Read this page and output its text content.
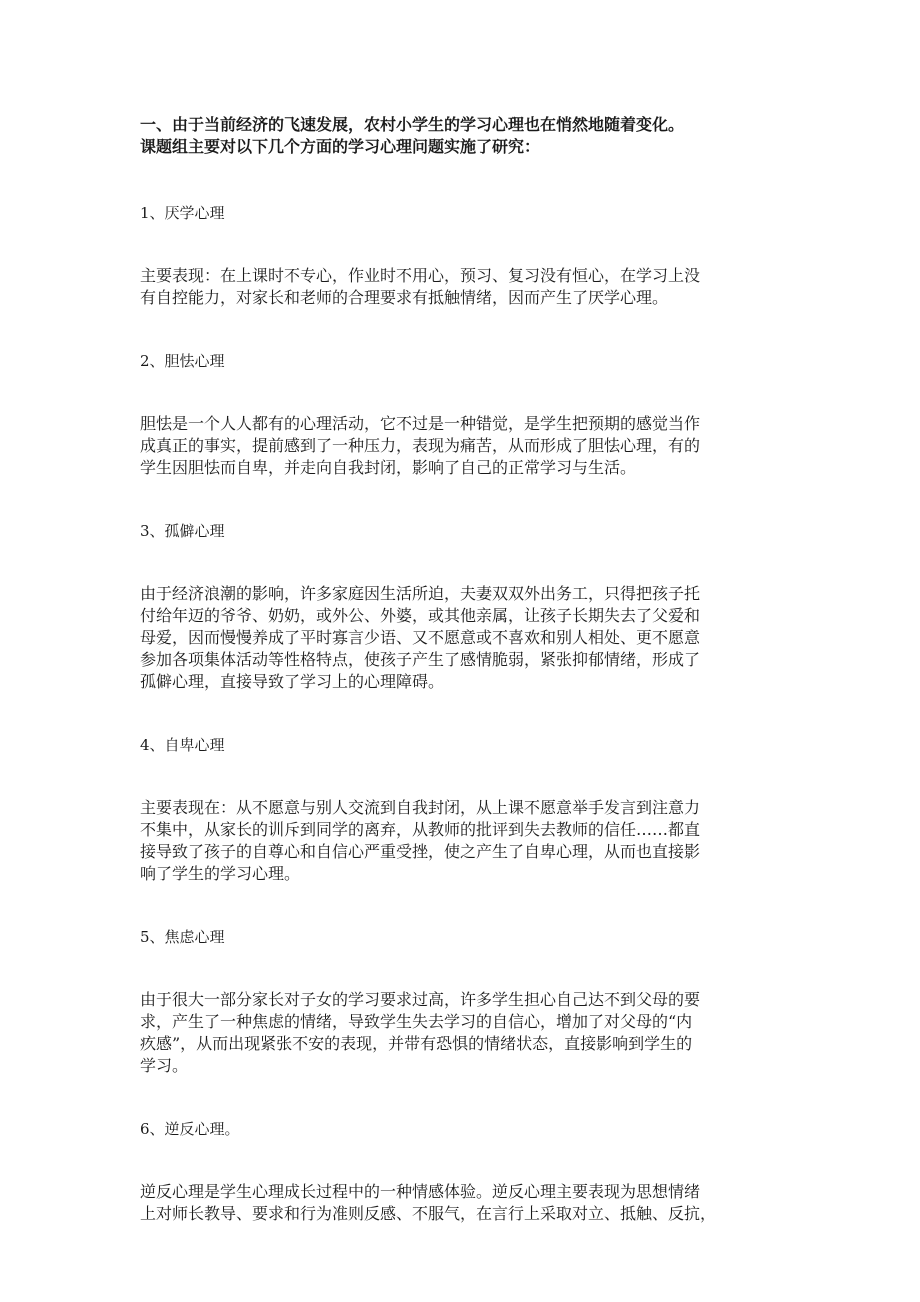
一、由于当前经济的飞速发展，农村小学生的学习心理也在悄然地随着变化。
课题组主要对以下几个方面的学习心理问题实施了研究：

1、厌学心理

主要表现：在上课时不专心，作业时不用心，预习、复习没有恒心，在学习上没
有自控能力，对家长和老师的合理要求有抵触情绪，因而产生了厌学心理。

2、胆怯心理

胆怯是一个人人都有的心理活动，它不过是一种错觉，是学生把预期的感觉当作
成真正的事实，提前感到了一种压力，表现为痛苦，从而形成了胆怯心理，有的
学生因胆怯而自卑，并走向自我封闭，影响了自己的正常学习与生活。

3、孤僻心理

由于经济浪潮的影响，许多家庭因生活所迫，夫妻双双外出务工，只得把孩子托
付给年迈的爷爷、奶奶，或外公、外婆，或其他亲属，让孩子长期失去了父爱和
母爱，因而慢慢养成了平时寡言少语、又不愿意或不喜欢和别人相处、更不愿意
参加各项集体活动等性格特点，使孩子产生了感情脆弱，紧张抑郁情绪，形成了
孤僻心理，直接导致了学习上的心理障碍。

4、自卑心理

主要表现在：从不愿意与别人交流到自我封闭，从上课不愿意举手发言到注意力
不集中，从家长的训斥到同学的离弃，从教师的批评到失去教师的信任……都直
接导致了孩子的自尊心和自信心严重受挫，使之产生了自卑心理，从而也直接影
响了学生的学习心理。

5、焦虑心理

由于很大一部分家长对子女的学习要求过高，许多学生担心自己达不到父母的要
求，产生了一种焦虑的情绪，导致学生失去学习的自信心，增加了对父母的“内
疚感”，从而出现紧张不安的表现，并带有恐惧的情绪状态，直接影响到学生的
学习。

6、逆反心理。

逆反心理是学生心理成长过程中的一种情感体验。逆反心理主要表现为思想情绪
上对师长教导、要求和行为准则反感、不服气，在言行上采取对立、抵触、反抗，
